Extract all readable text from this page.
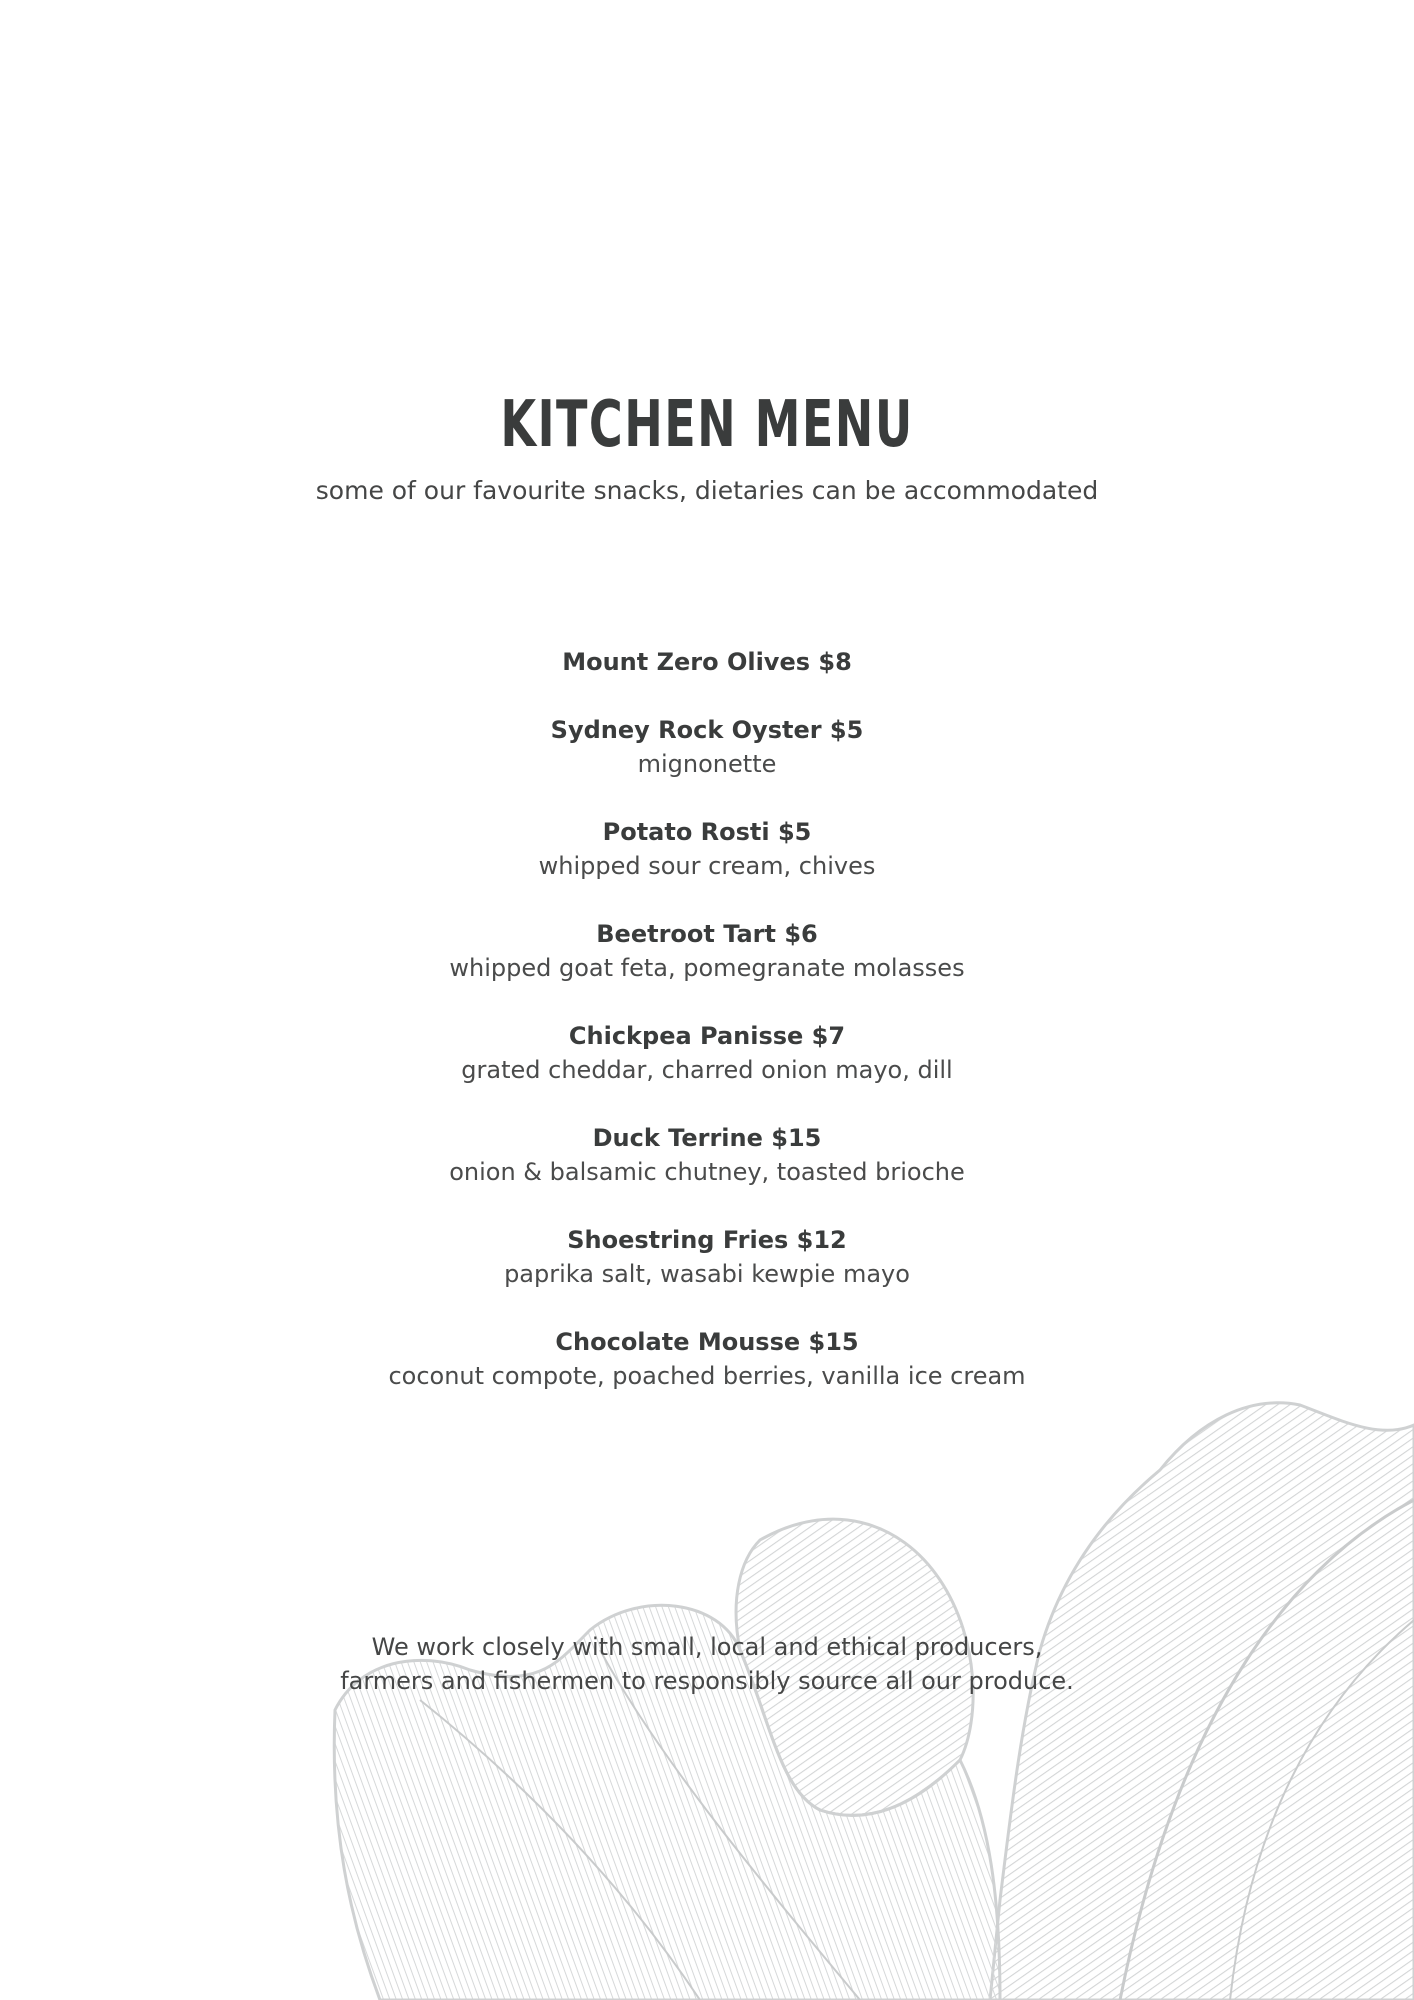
KITCHEN MENU
some of our favourite snacks, dietaries can be accommodated
Mount Zero Olives $8
Sydney Rock Oyster $5
mignonette
Potato Rosti $5
whipped sour cream, chives
Beetroot Tart $6
whipped goat feta, pomegranate molasses
Chickpea Panisse $7
grated cheddar, charred onion mayo, dill
Duck Terrine $15
onion & balsamic chutney, toasted brioche
Shoestring Fries $12
paprika salt, wasabi kewpie mayo
Chocolate Mousse $15
coconut compote, poached berries, vanilla ice cream
We work closely with small, local and ethical producers,
farmers and fishermen to responsibly source all our produce.
